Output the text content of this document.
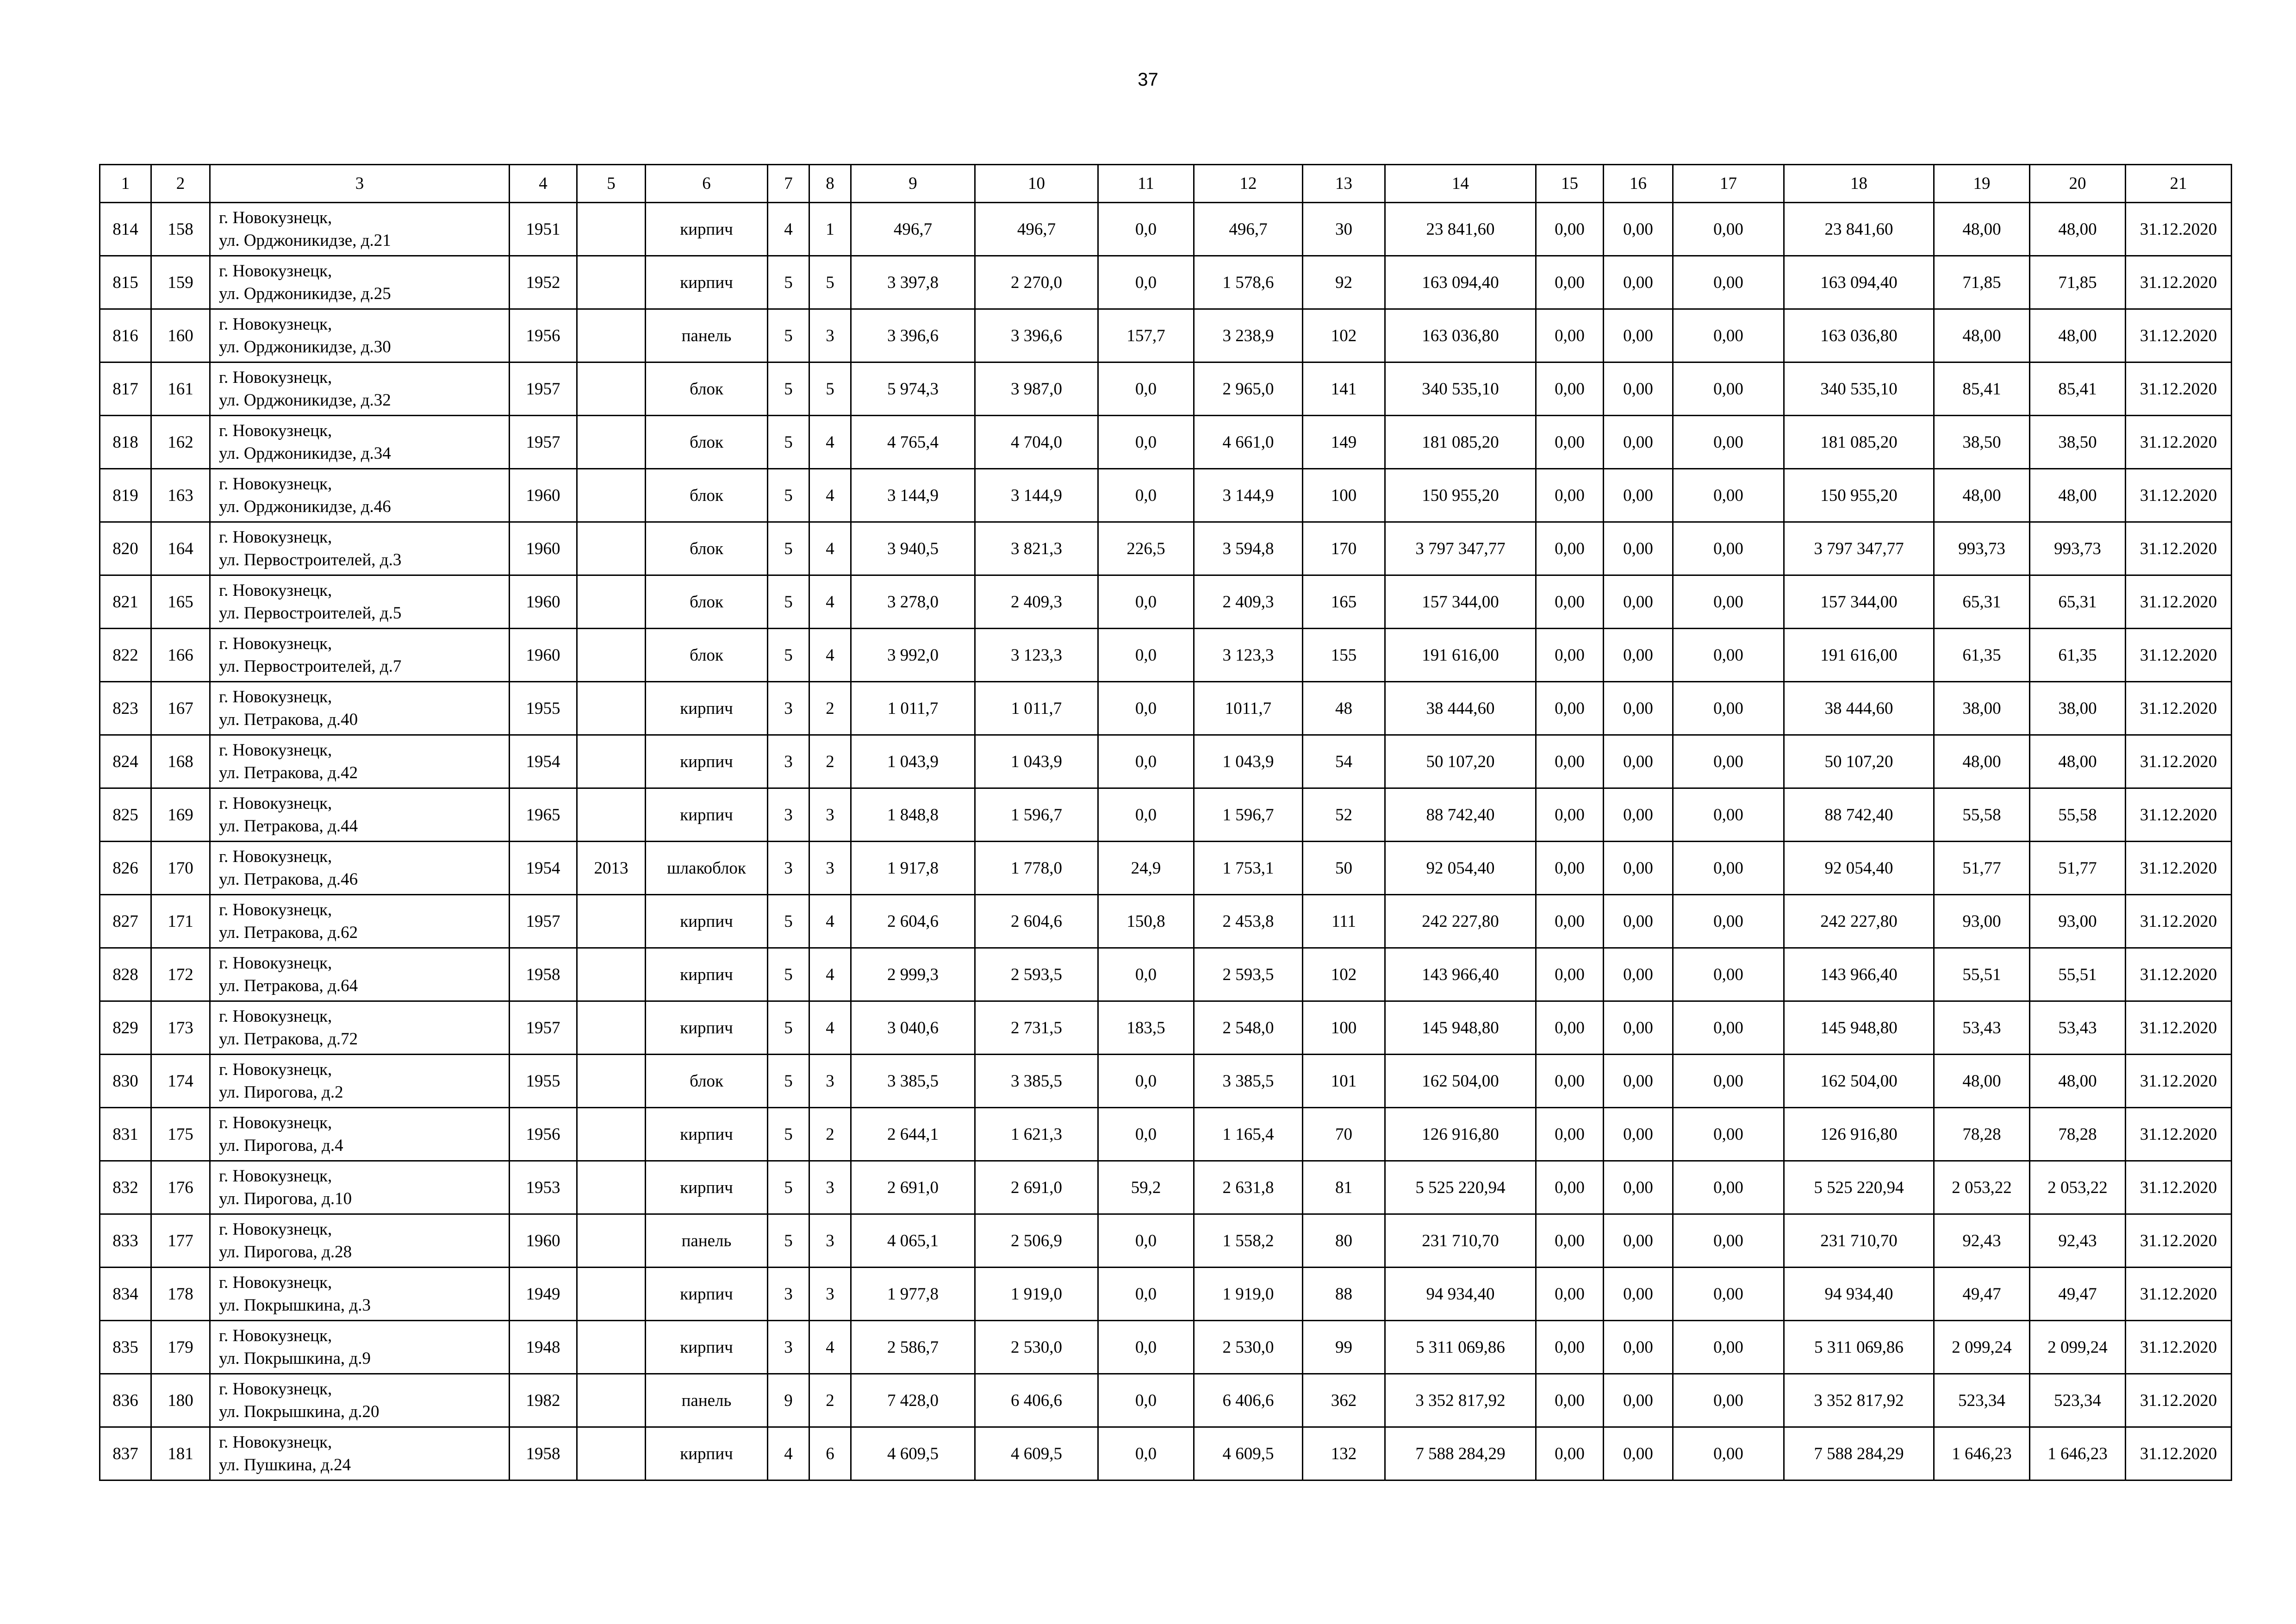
37
1	2	3	4	5	6	7	8	9	10	11	12	13	14	15	16	17	18	19	20	21
814	158	г. Новокузнецк,
ул. Орджоникидзе, д.21	1951		кирпич	4	1	496,7	496,7	0,0	496,7	30	23 841,60	0,00	0,00	0,00	23 841,60	48,00	48,00	31.12.2020
815	159	г. Новокузнецк,
ул. Орджоникидзе, д.25	1952		кирпич	5	5	3 397,8	2 270,0	0,0	1 578,6	92	163 094,40	0,00	0,00	0,00	163 094,40	71,85	71,85	31.12.2020
816	160	г. Новокузнецк,
ул. Орджоникидзе, д.30	1956		панель	5	3	3 396,6	3 396,6	157,7	3 238,9	102	163 036,80	0,00	0,00	0,00	163 036,80	48,00	48,00	31.12.2020
817	161	г. Новокузнецк,
ул. Орджоникидзе, д.32	1957		блок	5	5	5 974,3	3 987,0	0,0	2 965,0	141	340 535,10	0,00	0,00	0,00	340 535,10	85,41	85,41	31.12.2020
818	162	г. Новокузнецк,
ул. Орджоникидзе, д.34	1957		блок	5	4	4 765,4	4 704,0	0,0	4 661,0	149	181 085,20	0,00	0,00	0,00	181 085,20	38,50	38,50	31.12.2020
819	163	г. Новокузнецк,
ул. Орджоникидзе, д.46	1960		блок	5	4	3 144,9	3 144,9	0,0	3 144,9	100	150 955,20	0,00	0,00	0,00	150 955,20	48,00	48,00	31.12.2020
820	164	г. Новокузнецк,
ул. Первостроителей, д.3	1960		блок	5	4	3 940,5	3 821,3	226,5	3 594,8	170	3 797 347,77	0,00	0,00	0,00	3 797 347,77	993,73	993,73	31.12.2020
821	165	г. Новокузнецк,
ул. Первостроителей, д.5	1960		блок	5	4	3 278,0	2 409,3	0,0	2 409,3	165	157 344,00	0,00	0,00	0,00	157 344,00	65,31	65,31	31.12.2020
822	166	г. Новокузнецк,
ул. Первостроителей, д.7	1960		блок	5	4	3 992,0	3 123,3	0,0	3 123,3	155	191 616,00	0,00	0,00	0,00	191 616,00	61,35	61,35	31.12.2020
823	167	г. Новокузнецк,
ул. Петракова, д.40	1955		кирпич	3	2	1 011,7	1 011,7	0,0	1011,7	48	38 444,60	0,00	0,00	0,00	38 444,60	38,00	38,00	31.12.2020
824	168	г. Новокузнецк,
ул. Петракова, д.42	1954		кирпич	3	2	1 043,9	1 043,9	0,0	1 043,9	54	50 107,20	0,00	0,00	0,00	50 107,20	48,00	48,00	31.12.2020
825	169	г. Новокузнецк,
ул. Петракова, д.44	1965		кирпич	3	3	1 848,8	1 596,7	0,0	1 596,7	52	88 742,40	0,00	0,00	0,00	88 742,40	55,58	55,58	31.12.2020
826	170	г. Новокузнецк,
ул. Петракова, д.46	1954	2013	шлакоблок	3	3	1 917,8	1 778,0	24,9	1 753,1	50	92 054,40	0,00	0,00	0,00	92 054,40	51,77	51,77	31.12.2020
827	171	г. Новокузнецк,
ул. Петракова, д.62	1957		кирпич	5	4	2 604,6	2 604,6	150,8	2 453,8	111	242 227,80	0,00	0,00	0,00	242 227,80	93,00	93,00	31.12.2020
828	172	г. Новокузнецк,
ул. Петракова, д.64	1958		кирпич	5	4	2 999,3	2 593,5	0,0	2 593,5	102	143 966,40	0,00	0,00	0,00	143 966,40	55,51	55,51	31.12.2020
829	173	г. Новокузнецк,
ул. Петракова, д.72	1957		кирпич	5	4	3 040,6	2 731,5	183,5	2 548,0	100	145 948,80	0,00	0,00	0,00	145 948,80	53,43	53,43	31.12.2020
830	174	г. Новокузнецк,
ул. Пирогова, д.2	1955		блок	5	3	3 385,5	3 385,5	0,0	3 385,5	101	162 504,00	0,00	0,00	0,00	162 504,00	48,00	48,00	31.12.2020
831	175	г. Новокузнецк,
ул. Пирогова, д.4	1956		кирпич	5	2	2 644,1	1 621,3	0,0	1 165,4	70	126 916,80	0,00	0,00	0,00	126 916,80	78,28	78,28	31.12.2020
832	176	г. Новокузнецк,
ул. Пирогова, д.10	1953		кирпич	5	3	2 691,0	2 691,0	59,2	2 631,8	81	5 525 220,94	0,00	0,00	0,00	5 525 220,94	2 053,22	2 053,22	31.12.2020
833	177	г. Новокузнецк,
ул. Пирогова, д.28	1960		панель	5	3	4 065,1	2 506,9	0,0	1 558,2	80	231 710,70	0,00	0,00	0,00	231 710,70	92,43	92,43	31.12.2020
834	178	г. Новокузнецк,
ул. Покрышкина, д.3	1949		кирпич	3	3	1 977,8	1 919,0	0,0	1 919,0	88	94 934,40	0,00	0,00	0,00	94 934,40	49,47	49,47	31.12.2020
835	179	г. Новокузнецк,
ул. Покрышкина, д.9	1948		кирпич	3	4	2 586,7	2 530,0	0,0	2 530,0	99	5 311 069,86	0,00	0,00	0,00	5 311 069,86	2 099,24	2 099,24	31.12.2020
836	180	г. Новокузнецк,
ул. Покрышкина, д.20	1982		панель	9	2	7 428,0	6 406,6	0,0	6 406,6	362	3 352 817,92	0,00	0,00	0,00	3 352 817,92	523,34	523,34	31.12.2020
837	181	г. Новокузнецк,
ул. Пушкина, д.24	1958		кирпич	4	6	4 609,5	4 609,5	0,0	4 609,5	132	7 588 284,29	0,00	0,00	0,00	7 588 284,29	1 646,23	1 646,23	31.12.2020
